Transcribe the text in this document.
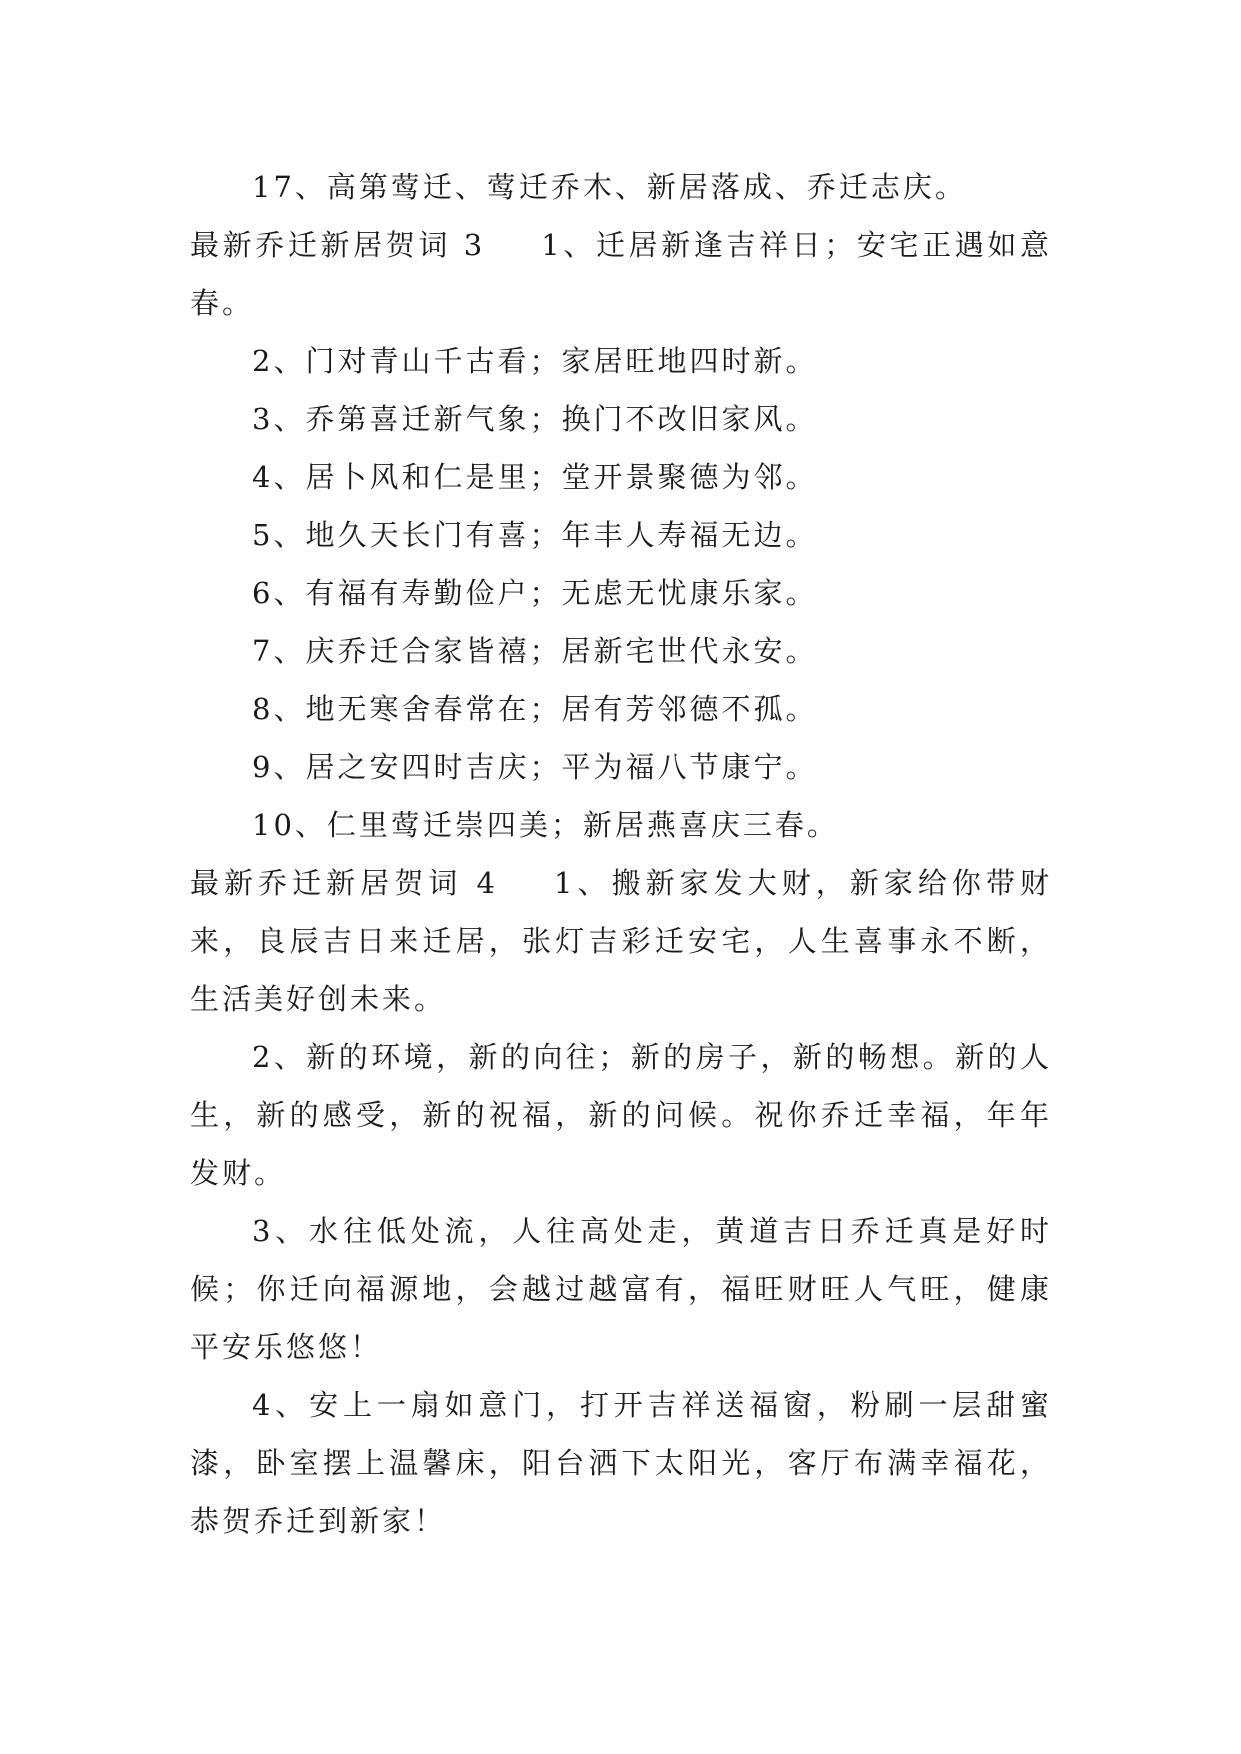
17、高第莺迁、莺迁乔木、新居落成、乔迁志庆。

最新乔迁新居贺词 3 1、迁居新逢吉祥日；安宅正遇如意春。

2、门对青山千古看；家居旺地四时新。

3、乔第喜迁新气象；换门不改旧家风。

4、居卜风和仁是里；堂开景聚德为邻。

5、地久天长门有喜；年丰人寿福无边。

6、有福有寿勤俭户；无虑无忧康乐家。

7、庆乔迁合家皆禧；居新宅世代永安。

8、地无寒舍春常在；居有芳邻德不孤。

9、居之安四时吉庆；平为福八节康宁。

10、仁里莺迁崇四美；新居燕喜庆三春。

最新乔迁新居贺词 4 1、搬新家发大财，新家给你带财来，良辰吉日来迁居，张灯吉彩迁安宅，人生喜事永不断，生活美好创未来。

2、新的环境，新的向往；新的房子，新的畅想。新的人生，新的感受，新的祝福，新的问候。祝你乔迁幸福，年年发财。

3、水往低处流，人往高处走，黄道吉日乔迁真是好时候；你迁向福源地，会越过越富有，福旺财旺人气旺，健康平安乐悠悠！

4、安上一扇如意门，打开吉祥送福窗，粉刷一层甜蜜漆，卧室摆上温馨床，阳台洒下太阳光，客厅布满幸福花，恭贺乔迁到新家！
